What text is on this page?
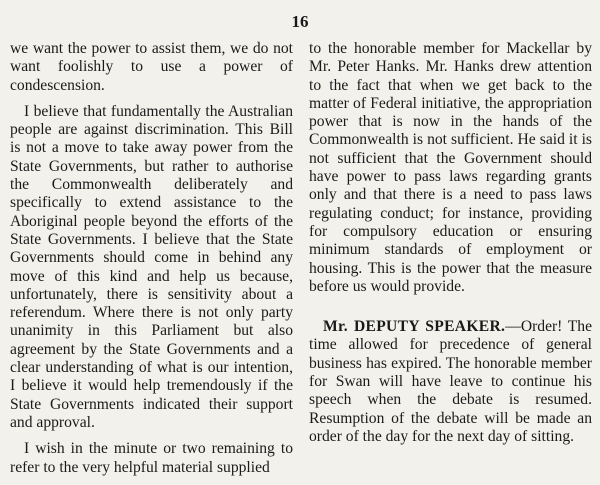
16

we want the power to assist them, we do not want foolishly to use a power of condescension.

I believe that fundamentally the Australian people are against discrimination. This Bill is not a move to take away power from the State Governments, but rather to authorise the Commonwealth deliberately and specifically to extend assistance to the Aboriginal people beyond the efforts of the State Governments. I believe that the State Governments should come in behind any move of this kind and help us because, unfortunately, there is sensitivity about a referendum. Where there is not only party unanimity in this Parliament but also agreement by the State Governments and a clear understanding of what is our intention, I believe it would help tremendously if the State Governments indicated their support and approval.

I wish in the minute or two remaining to refer to the very helpful material supplied

to the honorable member for Mackellar by Mr. Peter Hanks. Mr. Hanks drew attention to the fact that when we get back to the matter of Federal initiative, the appropriation power that is now in the hands of the Commonwealth is not sufficient. He said it is not sufficient that the Government should have power to pass laws regarding grants only and that there is a need to pass laws regulating conduct; for instance, providing for compulsory education or ensuring minimum standards of employment or housing. This is the power that the measure before us would provide.

Mr. DEPUTY SPEAKER.—Order! The time allowed for precedence of general business has expired. The honorable member for Swan will have leave to continue his speech when the debate is resumed. Resumption of the debate will be made an order of the day for the next day of sitting.
